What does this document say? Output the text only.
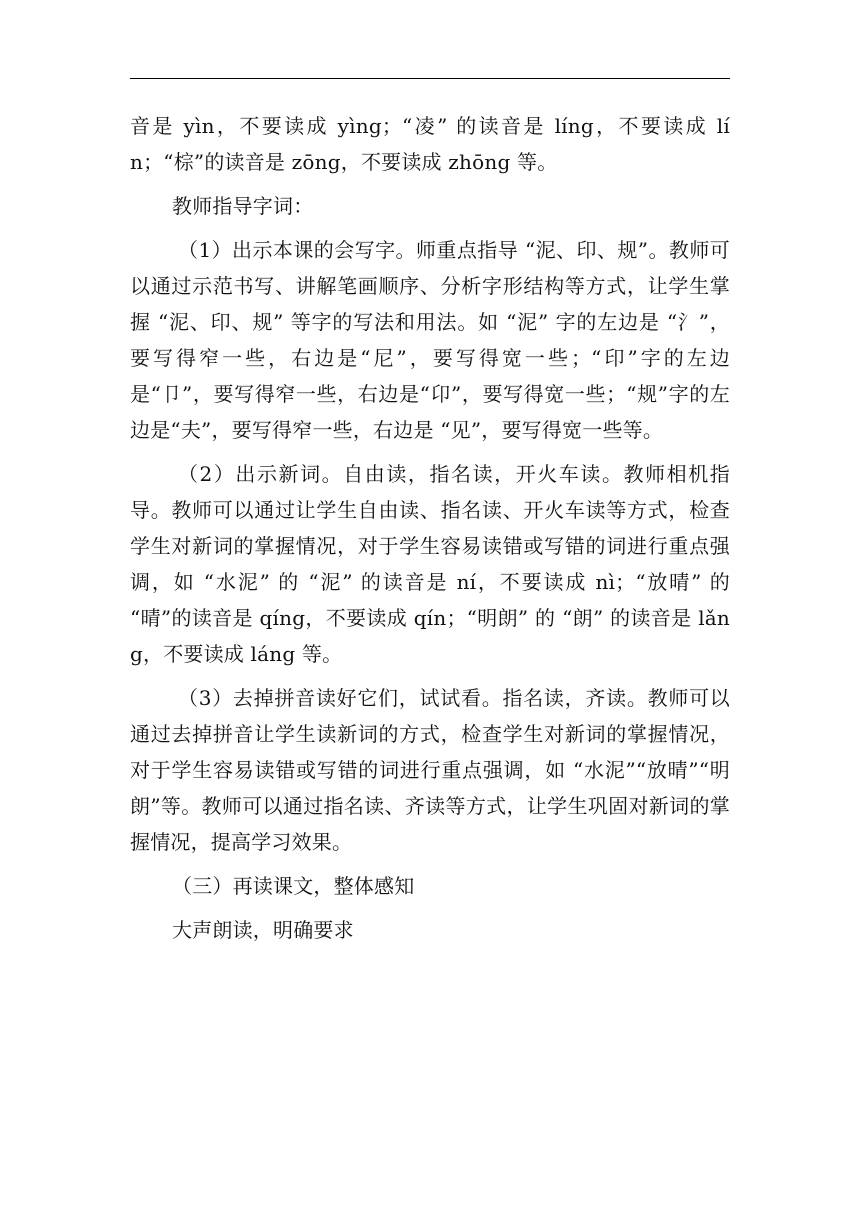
音是 yìn，不要读成 yìng；“凌” 的读音是 líng，不要读成 lín；“棕”的读音是 zōng，不要读成 zhōng 等。

教师指导字词：

（1）出示本课的会写字。师重点指导 “泥、印、规”。教师可以通过示范书写、讲解笔画顺序、分析字形结构等方式，让学生掌握 “泥、印、规” 等字的写法和用法。如 “泥” 字的左边是 “氵”，要写得窄一些，右边是“尼”，要写得宽一些；“印”字的左边是“卩”，要写得窄一些，右边是“卬”，要写得宽一些；“规”字的左边是“夫”，要写得窄一些，右边是 “见”，要写得宽一些等。

（2）出示新词。自由读，指名读，开火车读。教师相机指导。教师可以通过让学生自由读、指名读、开火车读等方式，检查学生对新词的掌握情况，对于学生容易读错或写错的词进行重点强调，如 “水泥” 的 “泥” 的读音是 ní，不要读成 nì；“放晴” 的 “晴”的读音是 qíng，不要读成 qín；“明朗” 的 “朗” 的读音是 lǎng，不要读成 láng 等。

（3）去掉拼音读好它们，试试看。指名读，齐读。教师可以通过去掉拼音让学生读新词的方式，检查学生对新词的掌握情况，对于学生容易读错或写错的词进行重点强调，如 “水泥”“放晴”“明朗”等。教师可以通过指名读、齐读等方式，让学生巩固对新词的掌握情况，提高学习效果。

（三）再读课文，整体感知

大声朗读，明确要求
